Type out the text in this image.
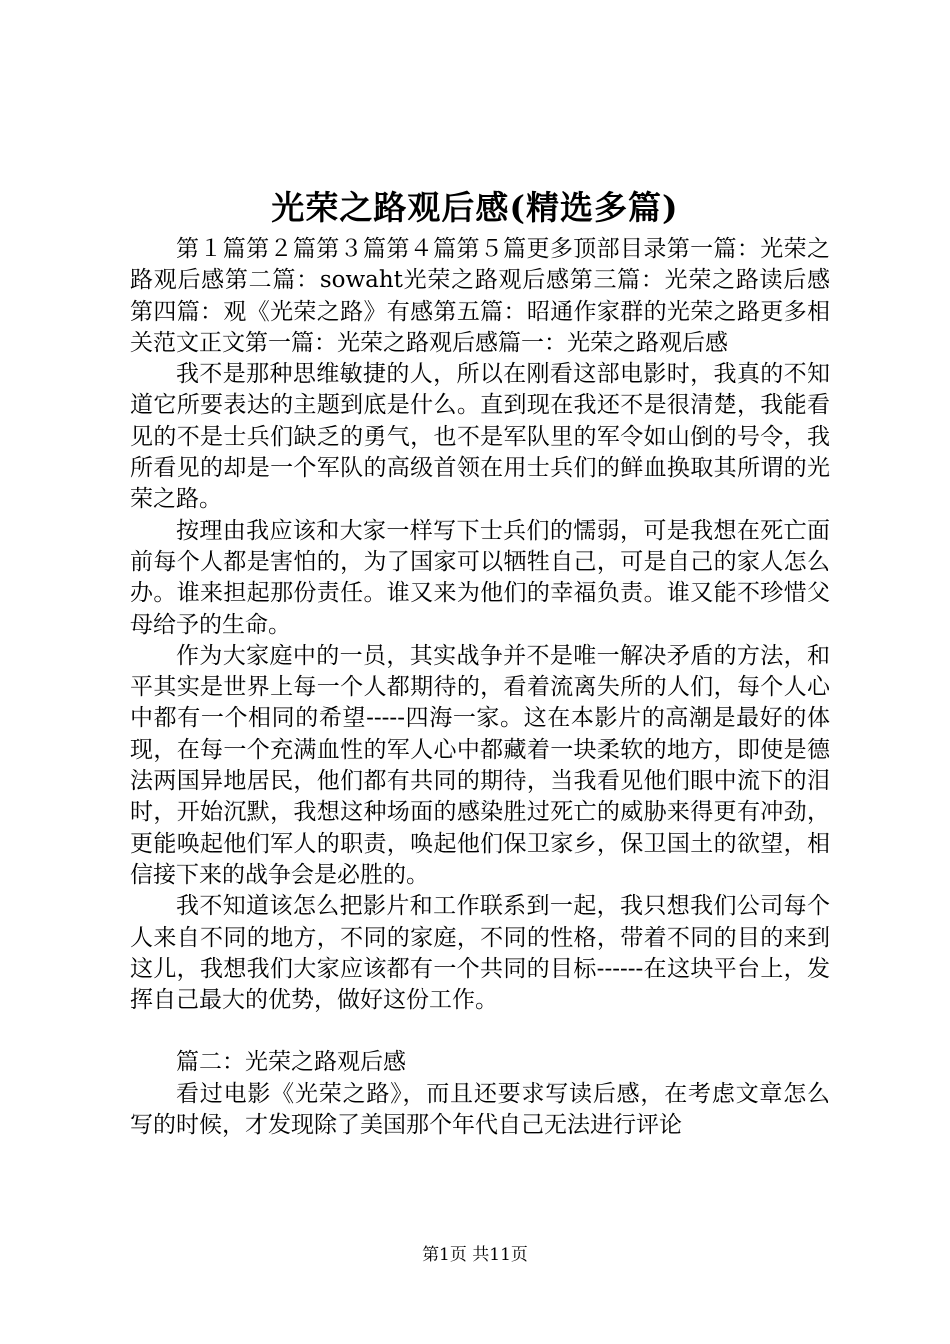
光荣之路观后感(精选多篇)

第１篇第２篇第３篇第４篇第５篇更多顶部目录第一篇：光荣之路观后感第二篇：sowaht光荣之路观后感第三篇：光荣之路读后感第四篇：观《光荣之路》有感第五篇：昭通作家群的光荣之路更多相关范文正文第一篇：光荣之路观后感篇一：光荣之路观后感

我不是那种思维敏捷的人，所以在刚看这部电影时，我真的不知道它所要表达的主题到底是什么。直到现在我还不是很清楚，我能看见的不是士兵们缺乏的勇气，也不是军队里的军令如山倒的号令，我所看见的却是一个军队的高级首领在用士兵们的鲜血换取其所谓的光荣之路。

按理由我应该和大家一样写下士兵们的懦弱，可是我想在死亡面前每个人都是害怕的，为了国家可以牺牲自己，可是自己的家人怎么办。谁来担起那份责任。谁又来为他们的幸福负责。谁又能不珍惜父母给予的生命。

作为大家庭中的一员，其实战争并不是唯一解决矛盾的方法，和平其实是世界上每一个人都期待的，看着流离失所的人们，每个人心中都有一个相同的希望-----四海一家。这在本影片的高潮是最好的体现，在每一个充满血性的军人心中都藏着一块柔软的地方，即使是德法两国异地居民，他们都有共同的期待，当我看见他们眼中流下的泪时，开始沉默，我想这种场面的感染胜过死亡的威胁来得更有冲劲，更能唤起他们军人的职责，唤起他们保卫家乡，保卫国土的欲望，相信接下来的战争会是必胜的。

我不知道该怎么把影片和工作联系到一起，我只想我们公司每个人来自不同的地方，不同的家庭，不同的性格，带着不同的目的来到这儿，我想我们大家应该都有一个共同的目标------在这块平台上，发挥自己最大的优势，做好这份工作。

篇二：光荣之路观后感

看过电影《光荣之路》，而且还要求写读后感，在考虑文章怎么写的时候，才发现除了美国那个年代自己无法进行评论

第1页 共11页
